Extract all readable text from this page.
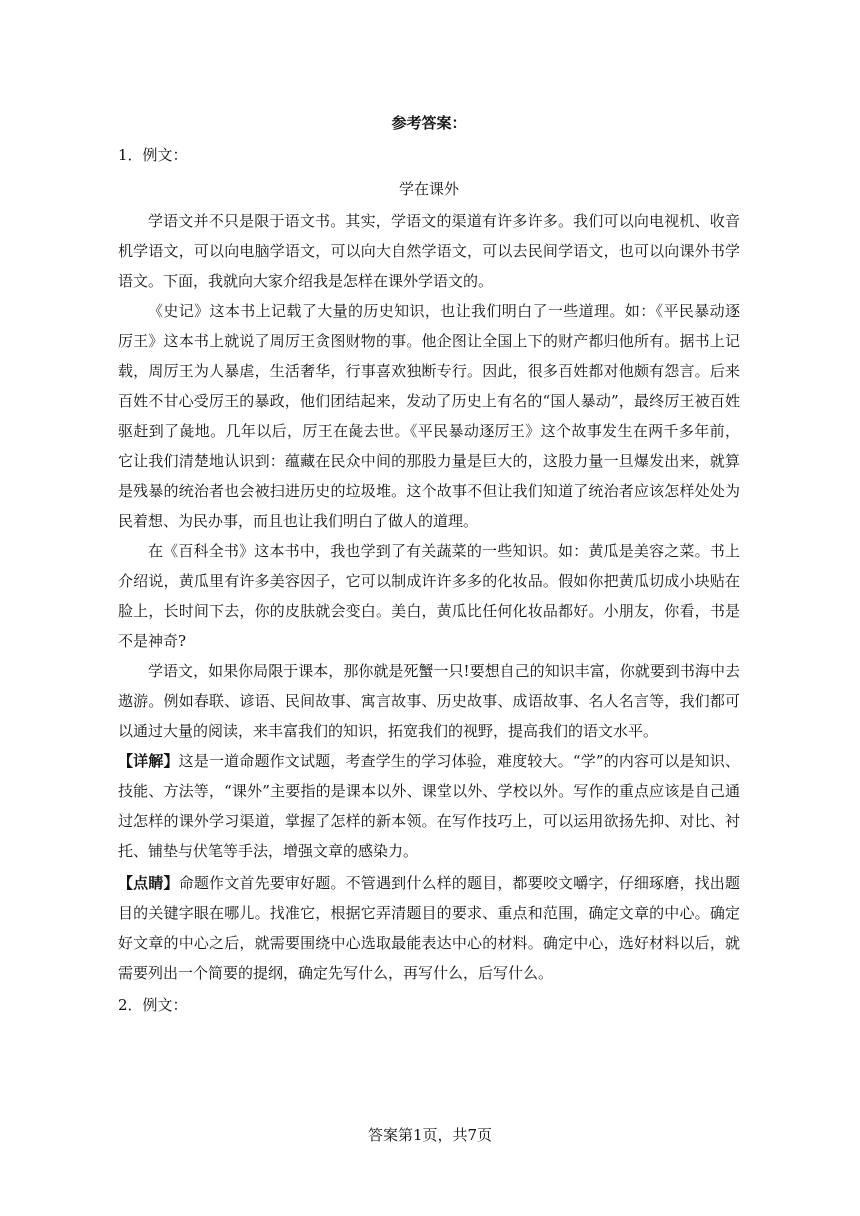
参考答案：

1．例文：

学在课外

学语文并不只是限于语文书。其实，学语文的渠道有许多许多。我们可以向电视机、收音机学语文，可以向电脑学语文，可以向大自然学语文，可以去民间学语文，也可以向课外书学语文。下面，我就向大家介绍我是怎样在课外学语文的。

《史记》这本书上记载了大量的历史知识，也让我们明白了一些道理。如：《平民暴动逐厉王》这本书上就说了周厉王贪图财物的事。他企图让全国上下的财产都归他所有。据书上记载，周厉王为人暴虐，生活奢华，行事喜欢独断专行。因此，很多百姓都对他颇有怨言。后来百姓不甘心受厉王的暴政，他们团结起来，发动了历史上有名的“国人暴动”，最终厉王被百姓驱赶到了彘地。几年以后，厉王在彘去世。《平民暴动逐厉王》这个故事发生在两千多年前，它让我们清楚地认识到：蕴藏在民众中间的那股力量是巨大的，这股力量一旦爆发出来，就算是残暴的统治者也会被扫进历史的垃圾堆。这个故事不但让我们知道了统治者应该怎样处处为民着想、为民办事，而且也让我们明白了做人的道理。

在《百科全书》这本书中，我也学到了有关蔬菜的一些知识。如：黄瓜是美容之菜。书上介绍说，黄瓜里有许多美容因子，它可以制成许许多多的化妆品。假如你把黄瓜切成小块贴在脸上，长时间下去，你的皮肤就会变白。美白，黄瓜比任何化妆品都好。小朋友，你看，书是不是神奇?

学语文，如果你局限于课本，那你就是死蟹一只!要想自己的知识丰富，你就要到书海中去遨游。例如春联、谚语、民间故事、寓言故事、历史故事、成语故事、名人名言等，我们都可以通过大量的阅读，来丰富我们的知识，拓宽我们的视野，提高我们的语文水平。

【详解】这是一道命题作文试题，考查学生的学习体验，难度较大。“学”的内容可以是知识、技能、方法等，“课外”主要指的是课本以外、课堂以外、学校以外。写作的重点应该是自己通过怎样的课外学习渠道，掌握了怎样的新本领。在写作技巧上，可以运用欲扬先抑、对比、衬托、铺垫与伏笔等手法，增强文章的感染力。

【点睛】命题作文首先要审好题。不管遇到什么样的题目，都要咬文嚼字，仔细琢磨，找出题目的关键字眼在哪儿。找准它，根据它弄清题目的要求、重点和范围，确定文章的中心。确定好文章的中心之后，就需要围绕中心选取最能表达中心的材料。确定中心，选好材料以后，就需要列出一个简要的提纲，确定先写什么，再写什么，后写什么。

2．例文：

答案第1页，共7页
